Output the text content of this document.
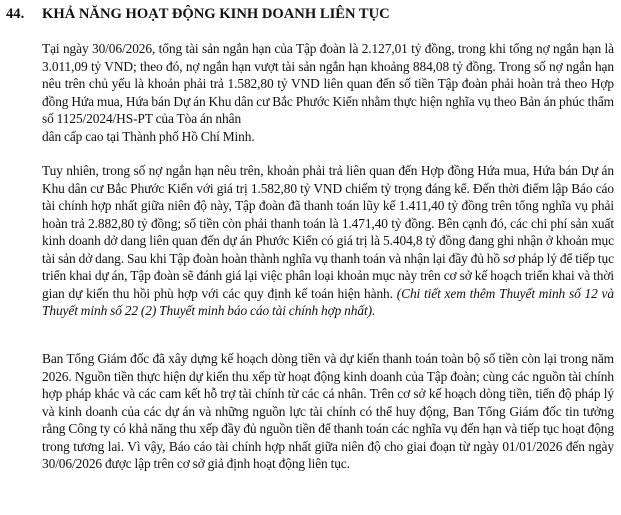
44. KHẢ NĂNG HOẠT ĐỘNG KINH DOANH LIÊN TỤC

Tại ngày 30/06/2026, tổng tài sản ngắn hạn của Tập đoàn là 2.127,01 tỷ đồng, trong khi tổng nợ ngắn hạn là 3.011,09 tỷ VND; theo đó, nợ ngắn hạn vượt tài sản ngắn hạn khoảng 884,08 tỷ đồng. Trong số nợ ngắn hạn nêu trên chủ yếu là khoản phải trả 1.582,80 tỷ VND liên quan đến số tiền Tập đoàn phải hoàn trả theo Hợp đồng Hứa mua, Hứa bán Dự án Khu dân cư Bắc Phước Kiển nhằm thực hiện nghĩa vụ theo Bản án phúc thẩm số 1125/2024/HS-PT của Tòa án nhân

dân cấp cao tại Thành phố Hồ Chí Minh.

Tuy nhiên, trong số nợ ngắn hạn nêu trên, khoản phải trả liên quan đến Hợp đồng Hứa mua, Hứa bán Dự án Khu dân cư Bắc Phước Kiển với giá trị 1.582,80 tỷ VND chiếm tỷ trọng đáng kể. Đến thời điểm lập Báo cáo tài chính hợp nhất giữa niên độ này, Tập đoàn đã thanh toán lũy kế 1.411,40 tỷ đồng trên tổng nghĩa vụ phải hoàn trả 2.882,80 tỷ đồng; số tiền còn phải thanh toán là 1.471,40 tỷ đồng. Bên cạnh đó, các chi phí sản xuất kinh doanh dở dang liên quan đến dự án Phước Kiển có giá trị là 5.404,8 tỷ đồng đang ghi nhận ở khoản mục tài sản dở dang. Sau khi Tập đoàn hoàn thành nghĩa vụ thanh toán và nhận lại đầy đủ hồ sơ pháp lý để tiếp tục triển khai dự án, Tập đoàn sẽ đánh giá lại việc phân loại khoản mục này trên cơ sở kế hoạch triển khai và thời gian dự kiến thu hồi phù hợp với các quy định kế toán hiện hành. (Chi tiết xem thêm Thuyết minh số 12 và Thuyết minh số 22 (2) Thuyết minh báo cáo tài chính hợp nhất).

Ban Tổng Giám đốc đã xây dựng kế hoạch dòng tiền và dự kiến thanh toán toàn bộ số tiền còn lại trong năm 2026. Nguồn tiền thực hiện dự kiến thu xếp từ hoạt động kinh doanh của Tập đoàn; cùng các nguồn tài chính hợp pháp khác và các cam kết hỗ trợ tài chính từ các cá nhân. Trên cơ sở kế hoạch dòng tiền, tiến độ pháp lý và kinh doanh của các dự án và những nguồn lực tài chính có thể huy động, Ban Tổng Giám đốc tin tưởng rằng Công ty có khả năng thu xếp đầy đủ nguồn tiền để thanh toán các nghĩa vụ đến hạn và tiếp tục hoạt động trong tương lai. Vì vậy, Báo cáo tài chính hợp nhất giữa niên độ cho giai đoạn từ ngày 01/01/2026 đến ngày 30/06/2026 được lập trên cơ sở giả định hoạt động liên tục.
